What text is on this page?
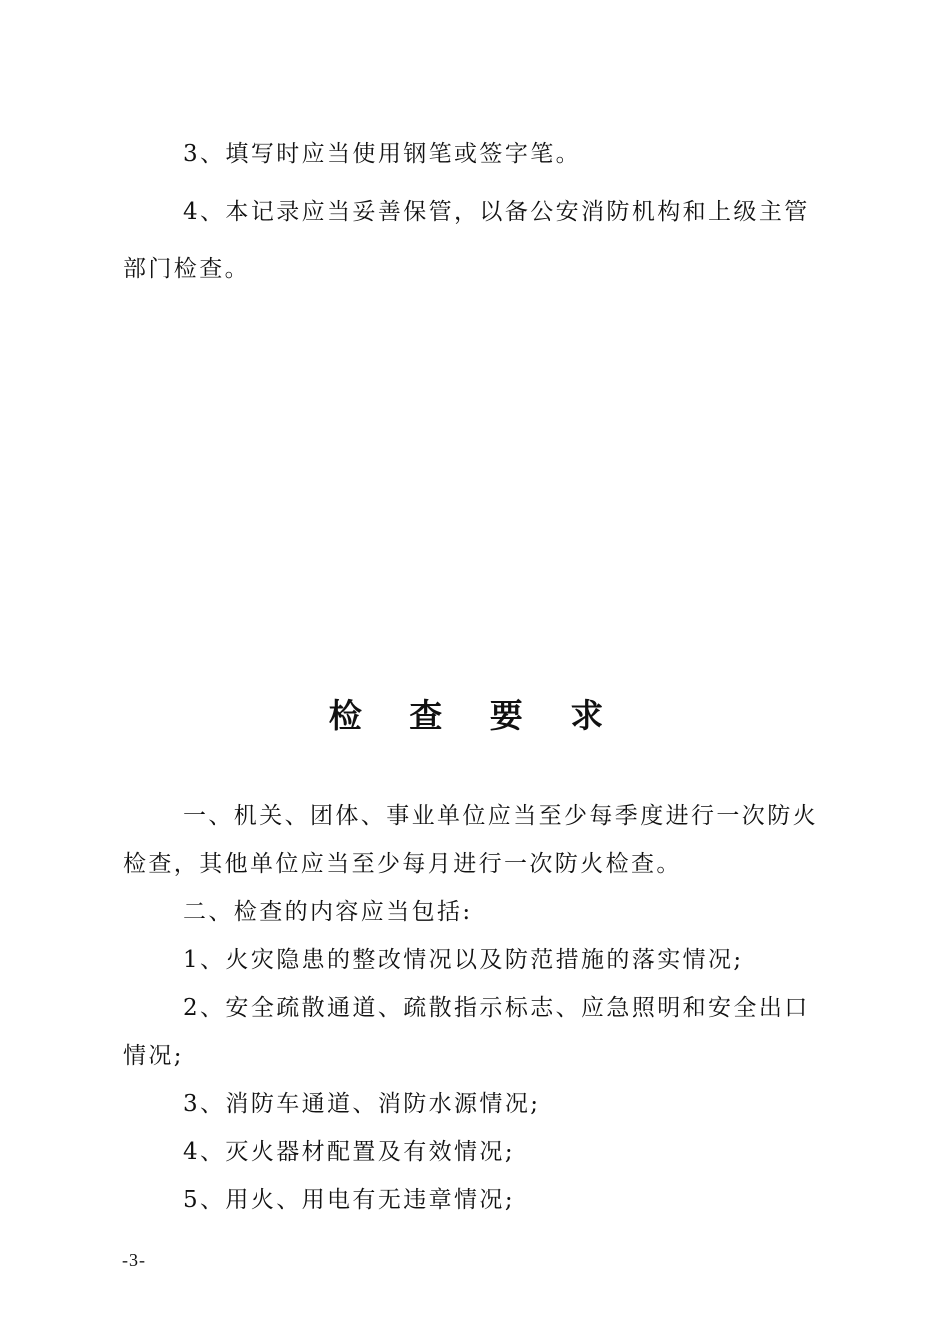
3、填写时应当使用钢笔或签字笔。

4、本记录应当妥善保管，以备公安消防机构和上级主管部门检查。

检 查 要 求

一、机关、团体、事业单位应当至少每季度进行一次防火检查，其他单位应当至少每月进行一次防火检查。

二、检查的内容应当包括:

1、火灾隐患的整改情况以及防范措施的落实情况;

2、安全疏散通道、疏散指示标志、应急照明和安全出口情况;

3、消防车通道、消防水源情况;

4、灭火器材配置及有效情况;

5、用火、用电有无违章情况;

-3-
